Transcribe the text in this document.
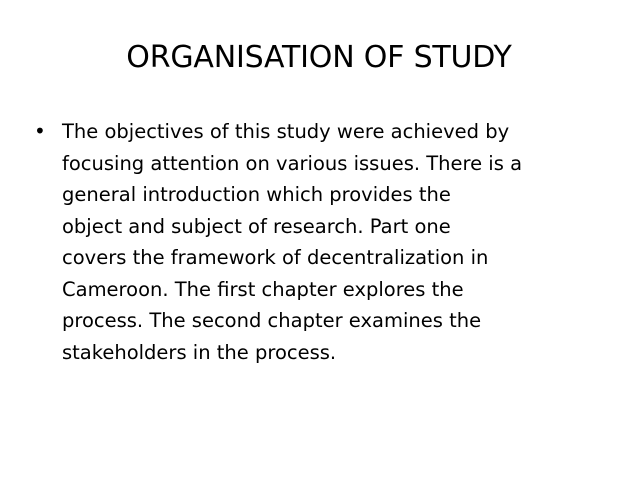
ORGANISATION OF STUDY
• The objectives of this study were achieved by
focusing attention on various issues. There is a
general introduction which provides the
object and subject of research. Part one
covers the framework of decentralization in
Cameroon. The first chapter explores the
process. The second chapter examines the
stakeholders in the process.
